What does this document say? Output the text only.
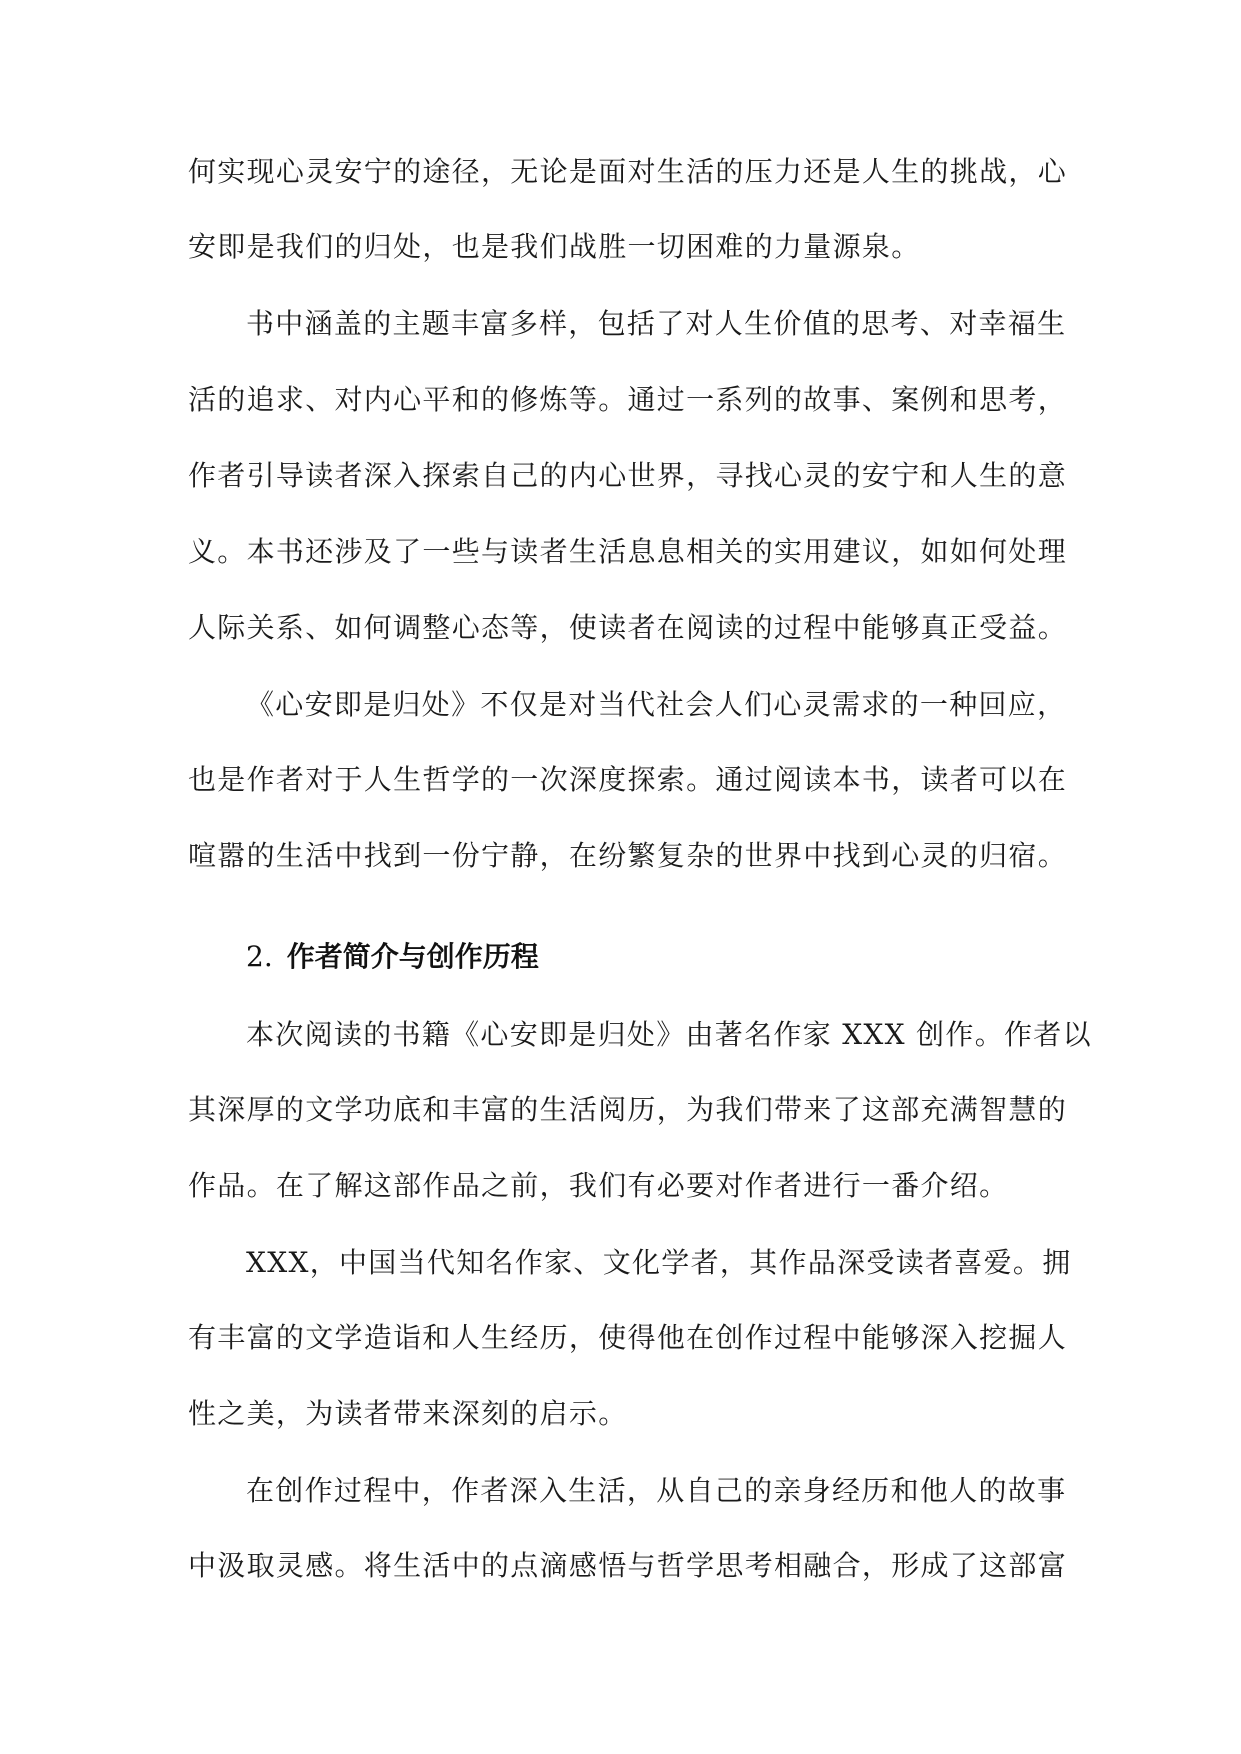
何实现心灵安宁的途径，无论是面对生活的压力还是人生的挑战，心
安即是我们的归处，也是我们战胜一切困难的力量源泉。
书中涵盖的主题丰富多样，包括了对人生价值的思考、对幸福生
活的追求、对内心平和的修炼等。通过一系列的故事、案例和思考，
作者引导读者深入探索自己的内心世界，寻找心灵的安宁和人生的意
义。本书还涉及了一些与读者生活息息相关的实用建议，如如何处理
人际关系、如何调整心态等，使读者在阅读的过程中能够真正受益。
《心安即是归处》不仅是对当代社会人们心灵需求的一种回应，
也是作者对于人生哲学的一次深度探索。通过阅读本书，读者可以在
喧嚣的生活中找到一份宁静，在纷繁复杂的世界中找到心灵的归宿。
2. 作者简介与创作历程
本次阅读的书籍《心安即是归处》由著名作家 XXX 创作。作者以
其深厚的文学功底和丰富的生活阅历，为我们带来了这部充满智慧的
作品。在了解这部作品之前，我们有必要对作者进行一番介绍。
XXX，中国当代知名作家、文化学者，其作品深受读者喜爱。拥
有丰富的文学造诣和人生经历，使得他在创作过程中能够深入挖掘人
性之美，为读者带来深刻的启示。
在创作过程中，作者深入生活，从自己的亲身经历和他人的故事
中汲取灵感。将生活中的点滴感悟与哲学思考相融合，形成了这部富
